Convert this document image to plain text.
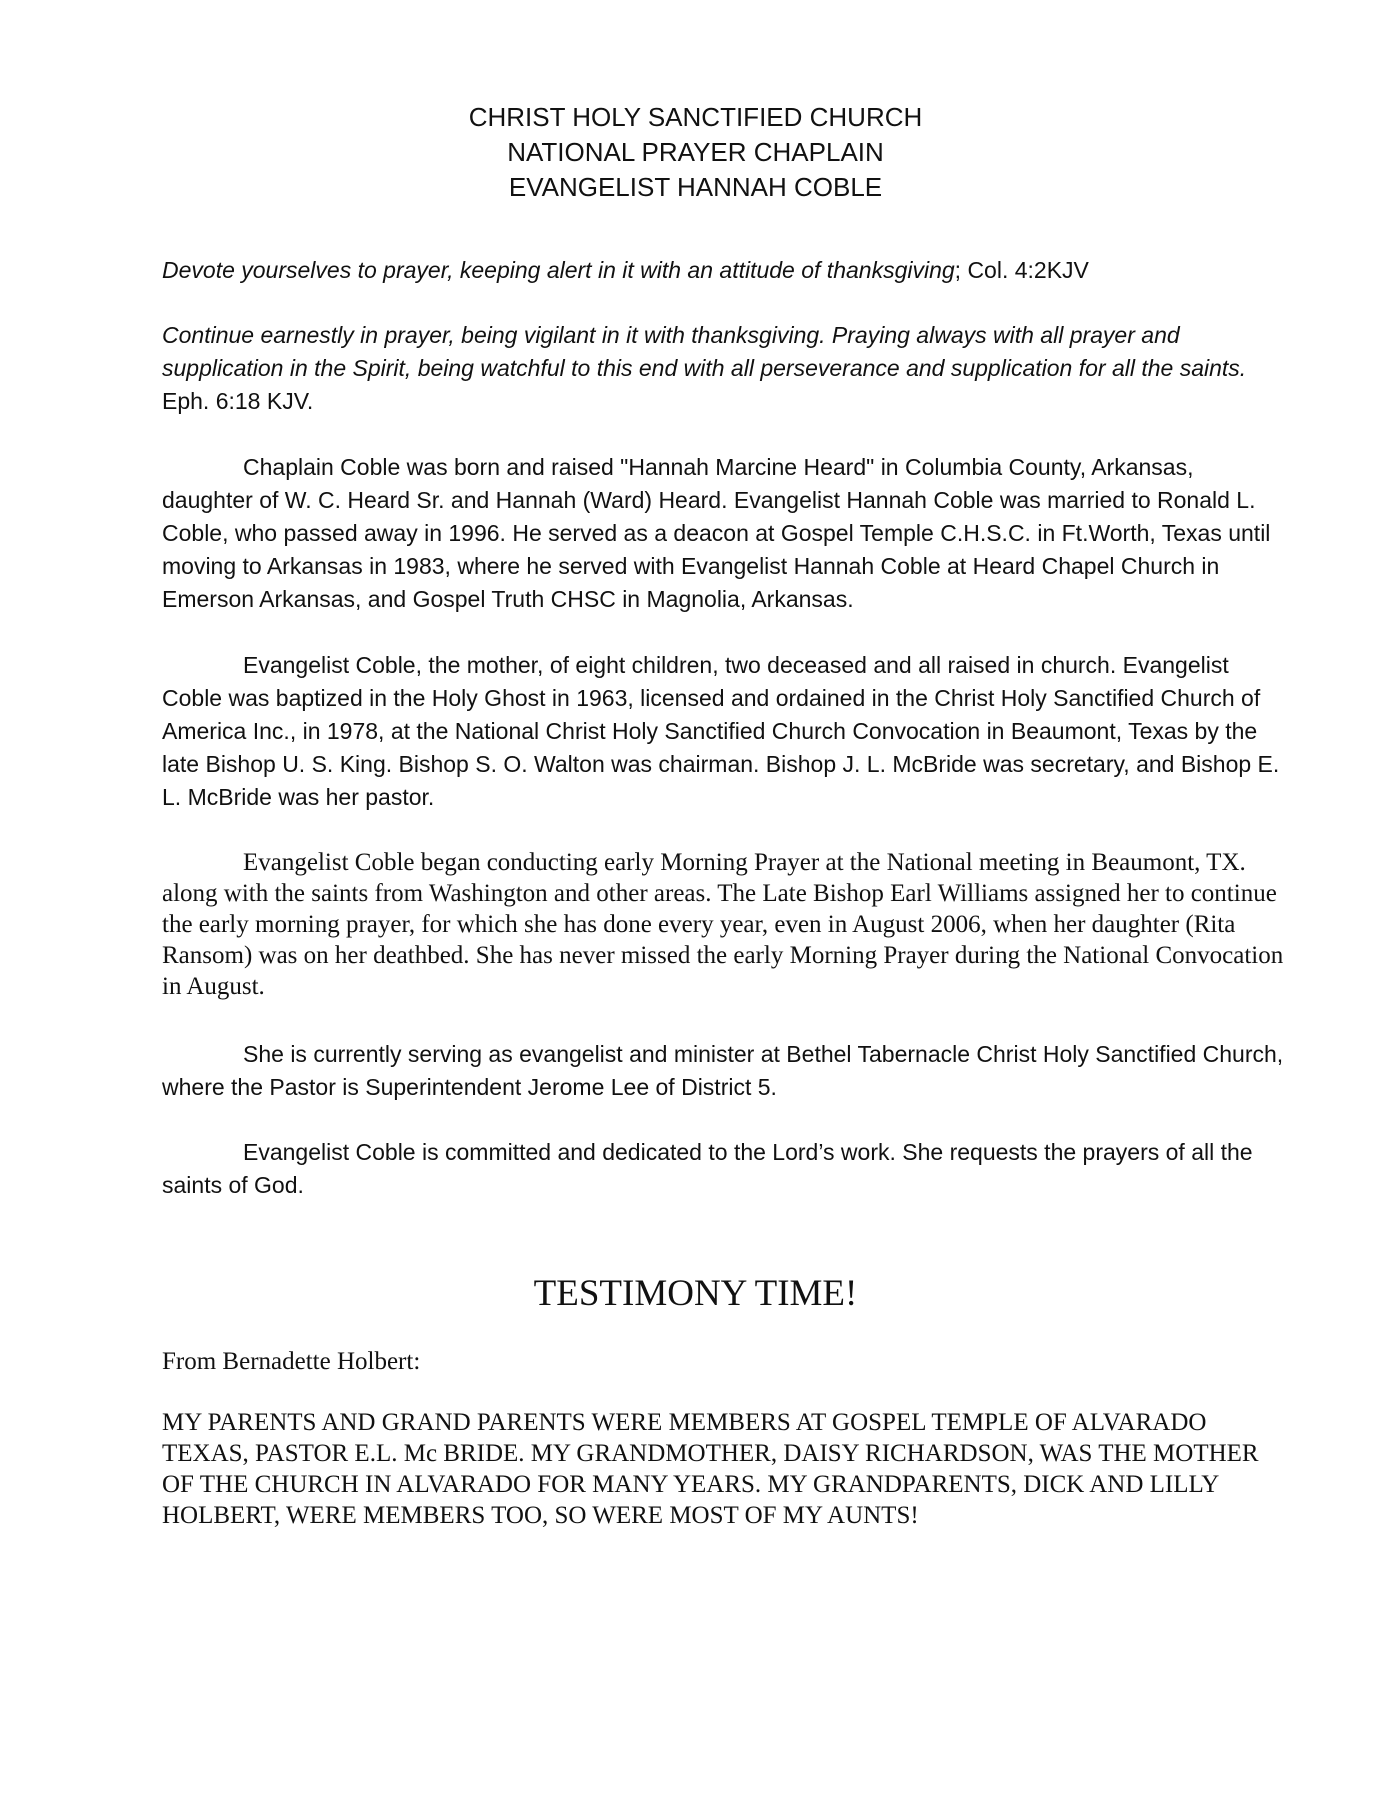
CHRIST HOLY SANCTIFIED CHURCH
NATIONAL PRAYER CHAPLAIN
EVANGELIST HANNAH COBLE
Devote yourselves to prayer, keeping alert in it with an attitude of thanksgiving; Col. 4:2KJV
Continue earnestly in prayer, being vigilant in it with thanksgiving. Praying always with all prayer and supplication in the Spirit, being watchful to this end with all perseverance and supplication for all the saints. Eph. 6:18 KJV.
Chaplain Coble was born and raised "Hannah Marcine Heard" in Columbia County, Arkansas, daughter of W. C. Heard Sr. and Hannah (Ward) Heard. Evangelist Hannah Coble was married to Ronald L. Coble, who passed away in 1996. He served as a deacon at Gospel Temple C.H.S.C. in Ft.Worth, Texas until moving to Arkansas in 1983, where he served with Evangelist Hannah Coble at Heard Chapel Church in Emerson Arkansas, and Gospel Truth CHSC in Magnolia, Arkansas.
Evangelist Coble, the mother, of eight children, two deceased and all raised in church. Evangelist Coble was baptized in the Holy Ghost in 1963, licensed and ordained in the Christ Holy Sanctified Church of America Inc., in 1978, at the National Christ Holy Sanctified Church Convocation in Beaumont, Texas by the late Bishop U. S. King. Bishop S. O. Walton was chairman. Bishop J. L. McBride was secretary, and Bishop E. L. McBride was her pastor.
Evangelist Coble began conducting early Morning Prayer at the National meeting in Beaumont, TX. along with the saints from Washington and other areas. The Late Bishop Earl Williams assigned her to continue the early morning prayer, for which she has done every year, even in August 2006, when her daughter (Rita Ransom) was on her deathbed. She has never missed the early Morning Prayer during the National Convocation in August.
She is currently serving as evangelist and minister at Bethel Tabernacle Christ Holy Sanctified Church, where the Pastor is Superintendent Jerome Lee of District 5.
Evangelist Coble is committed and dedicated to the Lord’s work. She requests the prayers of all the saints of God.
TESTIMONY TIME!
From Bernadette Holbert:
MY PARENTS AND GRAND PARENTS WERE MEMBERS AT GOSPEL TEMPLE OF ALVARADO TEXAS, PASTOR E.L. Mc BRIDE. MY GRANDMOTHER, DAISY RICHARDSON, WAS THE MOTHER OF THE CHURCH IN ALVARADO FOR MANY YEARS. MY GRANDPARENTS, DICK AND LILLY HOLBERT, WERE MEMBERS TOO, SO WERE MOST OF MY AUNTS!
